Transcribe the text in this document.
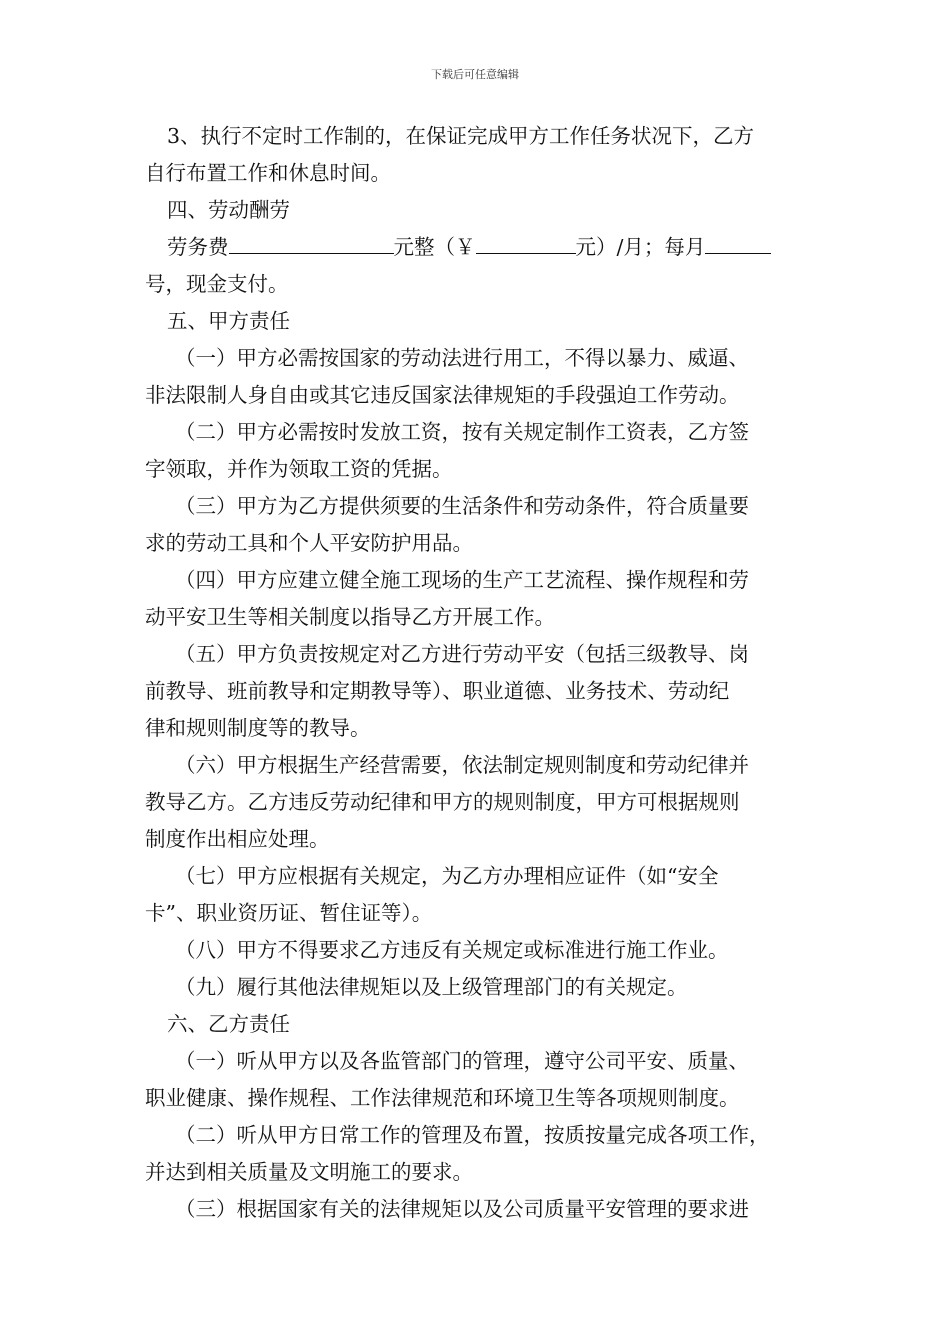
下载后可任意编辑
3、执行不定时工作制的，在保证完成甲方工作任务状况下，乙方
自行布置工作和休息时间。
四、劳动酬劳
劳务费	元整（￥	元）/月；每月
号，现金支付。
五、甲方责任
（一）甲方必需按国家的劳动法进行用工，不得以暴力、威逼、
非法限制人身自由或其它违反国家法律规矩的手段强迫工作劳动。
（二）甲方必需按时发放工资，按有关规定制作工资表，乙方签
字领取，并作为领取工资的凭据。
（三）甲方为乙方提供须要的生活条件和劳动条件，符合质量要
求的劳动工具和个人平安防护用品。
（四）甲方应建立健全施工现场的生产工艺流程、操作规程和劳
动平安卫生等相关制度以指导乙方开展工作。
（五）甲方负责按规定对乙方进行劳动平安（包括三级教导、岗
前教导、班前教导和定期教导等）、职业道德、业务技术、劳动纪
律和规则制度等的教导。
（六）甲方根据生产经营需要，依法制定规则制度和劳动纪律并
教导乙方。乙方违反劳动纪律和甲方的规则制度，甲方可根据规则
制度作出相应处理。
（七）甲方应根据有关规定，为乙方办理相应证件（如“安全
卡”、职业资历证、暂住证等）。
（八）甲方不得要求乙方违反有关规定或标准进行施工作业。
（九）履行其他法律规矩以及上级管理部门的有关规定。
六、乙方责任
（一）听从甲方以及各监管部门的管理，遵守公司平安、质量、
职业健康、操作规程、工作法律规范和环境卫生等各项规则制度。
（二）听从甲方日常工作的管理及布置，按质按量完成各项工作，
并达到相关质量及文明施工的要求。
（三）根据国家有关的法律规矩以及公司质量平安管理的要求进
